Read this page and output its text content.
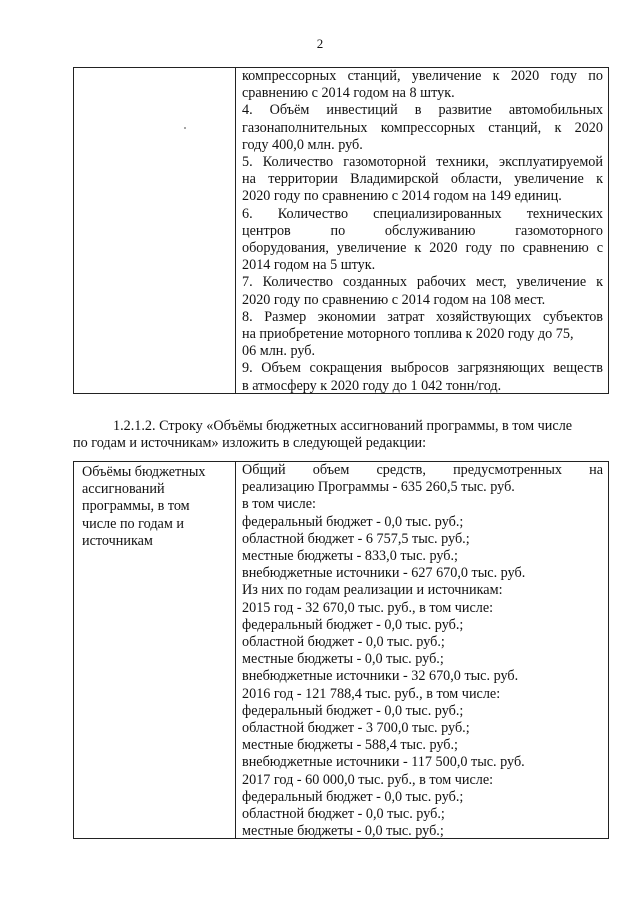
2
компрессорных станций, увеличение к 2020 году по
сравнению с 2014 годом на 8 штук.
4. Объём инвестиций в развитие автомобильных
газонаполнительных компрессорных станций, к 2020
году 400,0 млн. руб.
5. Количество газомоторной техники, эксплуатируемой
на территории Владимирской области, увеличение к
2020 году по сравнению с 2014 годом на 149 единиц.
6. Количество специализированных технических
центров по обслуживанию газомоторного
оборудования, увеличение к 2020 году по сравнению с
2014 годом на 5 штук.
7. Количество созданных рабочих мест, увеличение к
2020 году по сравнению с 2014 годом на 108 мест.
8. Размер экономии затрат хозяйствующих субъектов
на приобретение моторного топлива к 2020 году до 75,
06 млн. руб.
9. Объем сокращения выбросов загрязняющих веществ
в атмосферу к 2020 году до 1 042 тонн/год.
1.2.1.2. Строку «Объёмы бюджетных ассигнований программы, в том числе
по годам и источникам» изложить в следующей редакции:
Объёмы бюджетных
ассигнований
программы, в том
числе по годам и
источникам
Общий объем средств, предусмотренных на
реализацию Программы - 635 260,5 тыс. руб.
в том числе:
федеральный бюджет - 0,0 тыс. руб.;
областной бюджет - 6 757,5 тыс. руб.;
местные бюджеты - 833,0 тыс. руб.;
внебюджетные источники - 627 670,0 тыс. руб.
Из них по годам реализации и источникам:
2015 год - 32 670,0 тыс. руб., в том числе:
федеральный бюджет - 0,0 тыс. руб.;
областной бюджет - 0,0 тыс. руб.;
местные бюджеты - 0,0 тыс. руб.;
внебюджетные источники - 32 670,0 тыс. руб.
2016 год - 121 788,4 тыс. руб., в том числе:
федеральный бюджет - 0,0 тыс. руб.;
областной бюджет - 3 700,0 тыс. руб.;
местные бюджеты - 588,4 тыс. руб.;
внебюджетные источники - 117 500,0 тыс. руб.
2017 год - 60 000,0 тыс. руб., в том числе:
федеральный бюджет - 0,0 тыс. руб.;
областной бюджет - 0,0 тыс. руб.;
местные бюджеты - 0,0 тыс. руб.;
